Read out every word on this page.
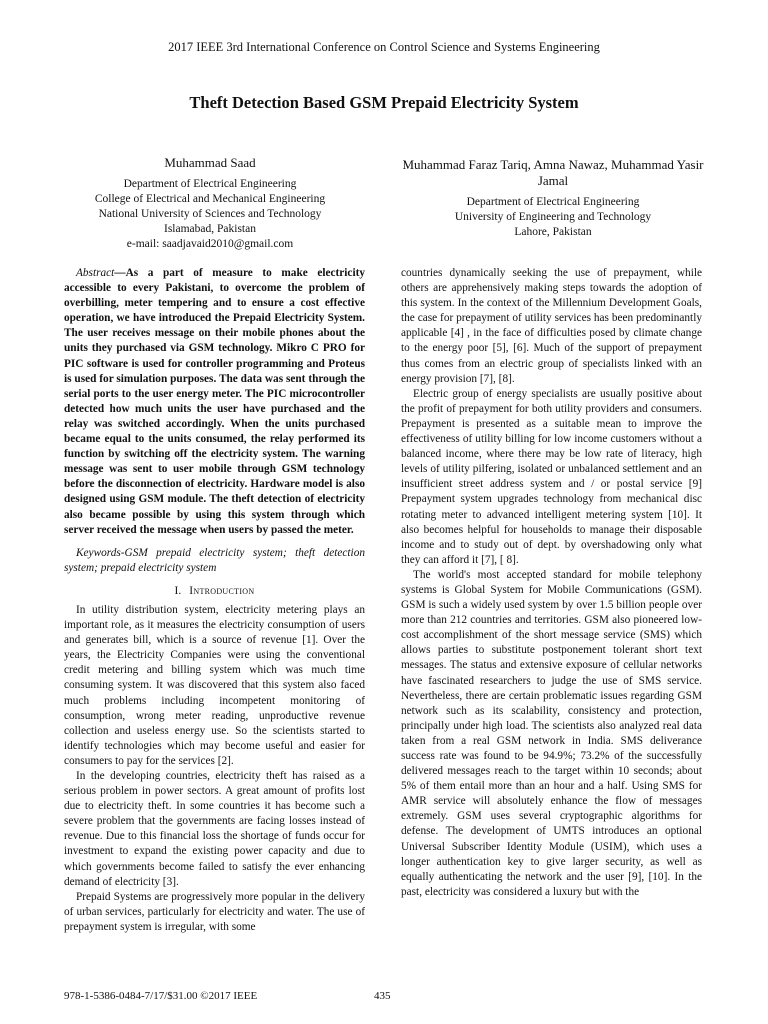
2017 IEEE 3rd International Conference on Control Science and Systems Engineering
Theft Detection Based GSM Prepaid Electricity System
Muhammad Saad
Department of Electrical Engineering
College of Electrical and Mechanical Engineering
National University of Sciences and Technology
Islamabad, Pakistan
e-mail: saadjavaid2010@gmail.com
Muhammad Faraz Tariq, Amna Nawaz, Muhammad Yasir Jamal
Department of Electrical Engineering
University of Engineering and Technology
Lahore, Pakistan

Abstract—As a part of measure to make electricity accessible to every Pakistani, to overcome the problem of overbilling, meter tempering and to ensure a cost effective operation, we have introduced the Prepaid Electricity System. The user receives message on their mobile phones about the units they purchased via GSM technology. Mikro C PRO for PIC software is used for controller programming and Proteus is used for simulation purposes. The data was sent through the serial ports to the user energy meter. The PIC microcontroller detected how much units the user have purchased and the relay was switched accordingly. When the units purchased became equal to the units consumed, the relay performed its function by switching off the electricity system. The warning message was sent to user mobile through GSM technology before the disconnection of electricity. Hardware model is also designed using GSM module. The theft detection of electricity also became possible by using this system through which server received the message when users by passed the meter.

Keywords-GSM prepaid electricity system; theft detection system; prepaid electricity system

I. Introduction

In utility distribution system, electricity metering plays an important role, as it measures the electricity consumption of users and generates bill, which is a source of revenue [1]. Over the years, the Electricity Companies were using the conventional credit metering and billing system which was much time consuming system. It was discovered that this system also faced much problems including incompetent monitoring of consumption, wrong meter reading, unproductive revenue collection and useless energy use. So the scientists started to identify technologies which may become useful and easier for consumers to pay for the services [2].

In the developing countries, electricity theft has raised as a serious problem in power sectors. A great amount of profits lost due to electricity theft. In some countries it has become such a severe problem that the governments are facing losses instead of revenue. Due to this financial loss the shortage of funds occur for investment to expand the existing power capacity and due to which governments become failed to satisfy the ever enhancing demand of electricity [3].

Prepaid Systems are progressively more popular in the delivery of urban services, particularly for electricity and water. The use of prepayment system is irregular, with some

countries dynamically seeking the use of prepayment, while others are apprehensively making steps towards the adoption of this system. In the context of the Millennium Development Goals, the case for prepayment of utility services has been predominantly applicable [4] , in the face of difficulties posed by climate change to the energy poor [5], [6]. Much of the support of prepayment thus comes from an electric group of specialists linked with an energy provision [7], [8].

Electric group of energy specialists are usually positive about the profit of prepayment for both utility providers and consumers. Prepayment is presented as a suitable mean to improve the effectiveness of utility billing for low income customers without a balanced income, where there may be low rate of literacy, high levels of utility pilfering, isolated or unbalanced settlement and an insufficient street address system and / or postal service [9] Prepayment system upgrades technology from mechanical disc rotating meter to advanced intelligent metering system [10]. It also becomes helpful for households to manage their disposable income and to study out of dept. by overshadowing only what they can afford it [7], [ 8].

The world's most accepted standard for mobile telephony systems is Global System for Mobile Communications (GSM). GSM is such a widely used system by over 1.5 billion people over more than 212 countries and territories. GSM also pioneered low-cost accomplishment of the short message service (SMS) which allows parties to substitute postponement tolerant short text messages. The status and extensive exposure of cellular networks have fascinated researchers to judge the use of SMS service. Nevertheless, there are certain problematic issues regarding GSM network such as its scalability, consistency and protection, principally under high load. The scientists also analyzed real data taken from a real GSM network in India. SMS deliverance success rate was found to be 94.9%; 73.2% of the successfully delivered messages reach to the target within 10 seconds; about 5% of them entail more than an hour and a half. Using SMS for AMR service will absolutely enhance the flow of messages extremely. GSM uses several cryptographic algorithms for defense. The development of UMTS introduces an optional Universal Subscriber Identity Module (USIM), which uses a longer authentication key to give larger security, as well as equally authenticating the network and the user [9], [10]. In the past, electricity was considered a luxury but with the

978-1-5386-0484-7/17/$31.00 ©2017 IEEE	435
